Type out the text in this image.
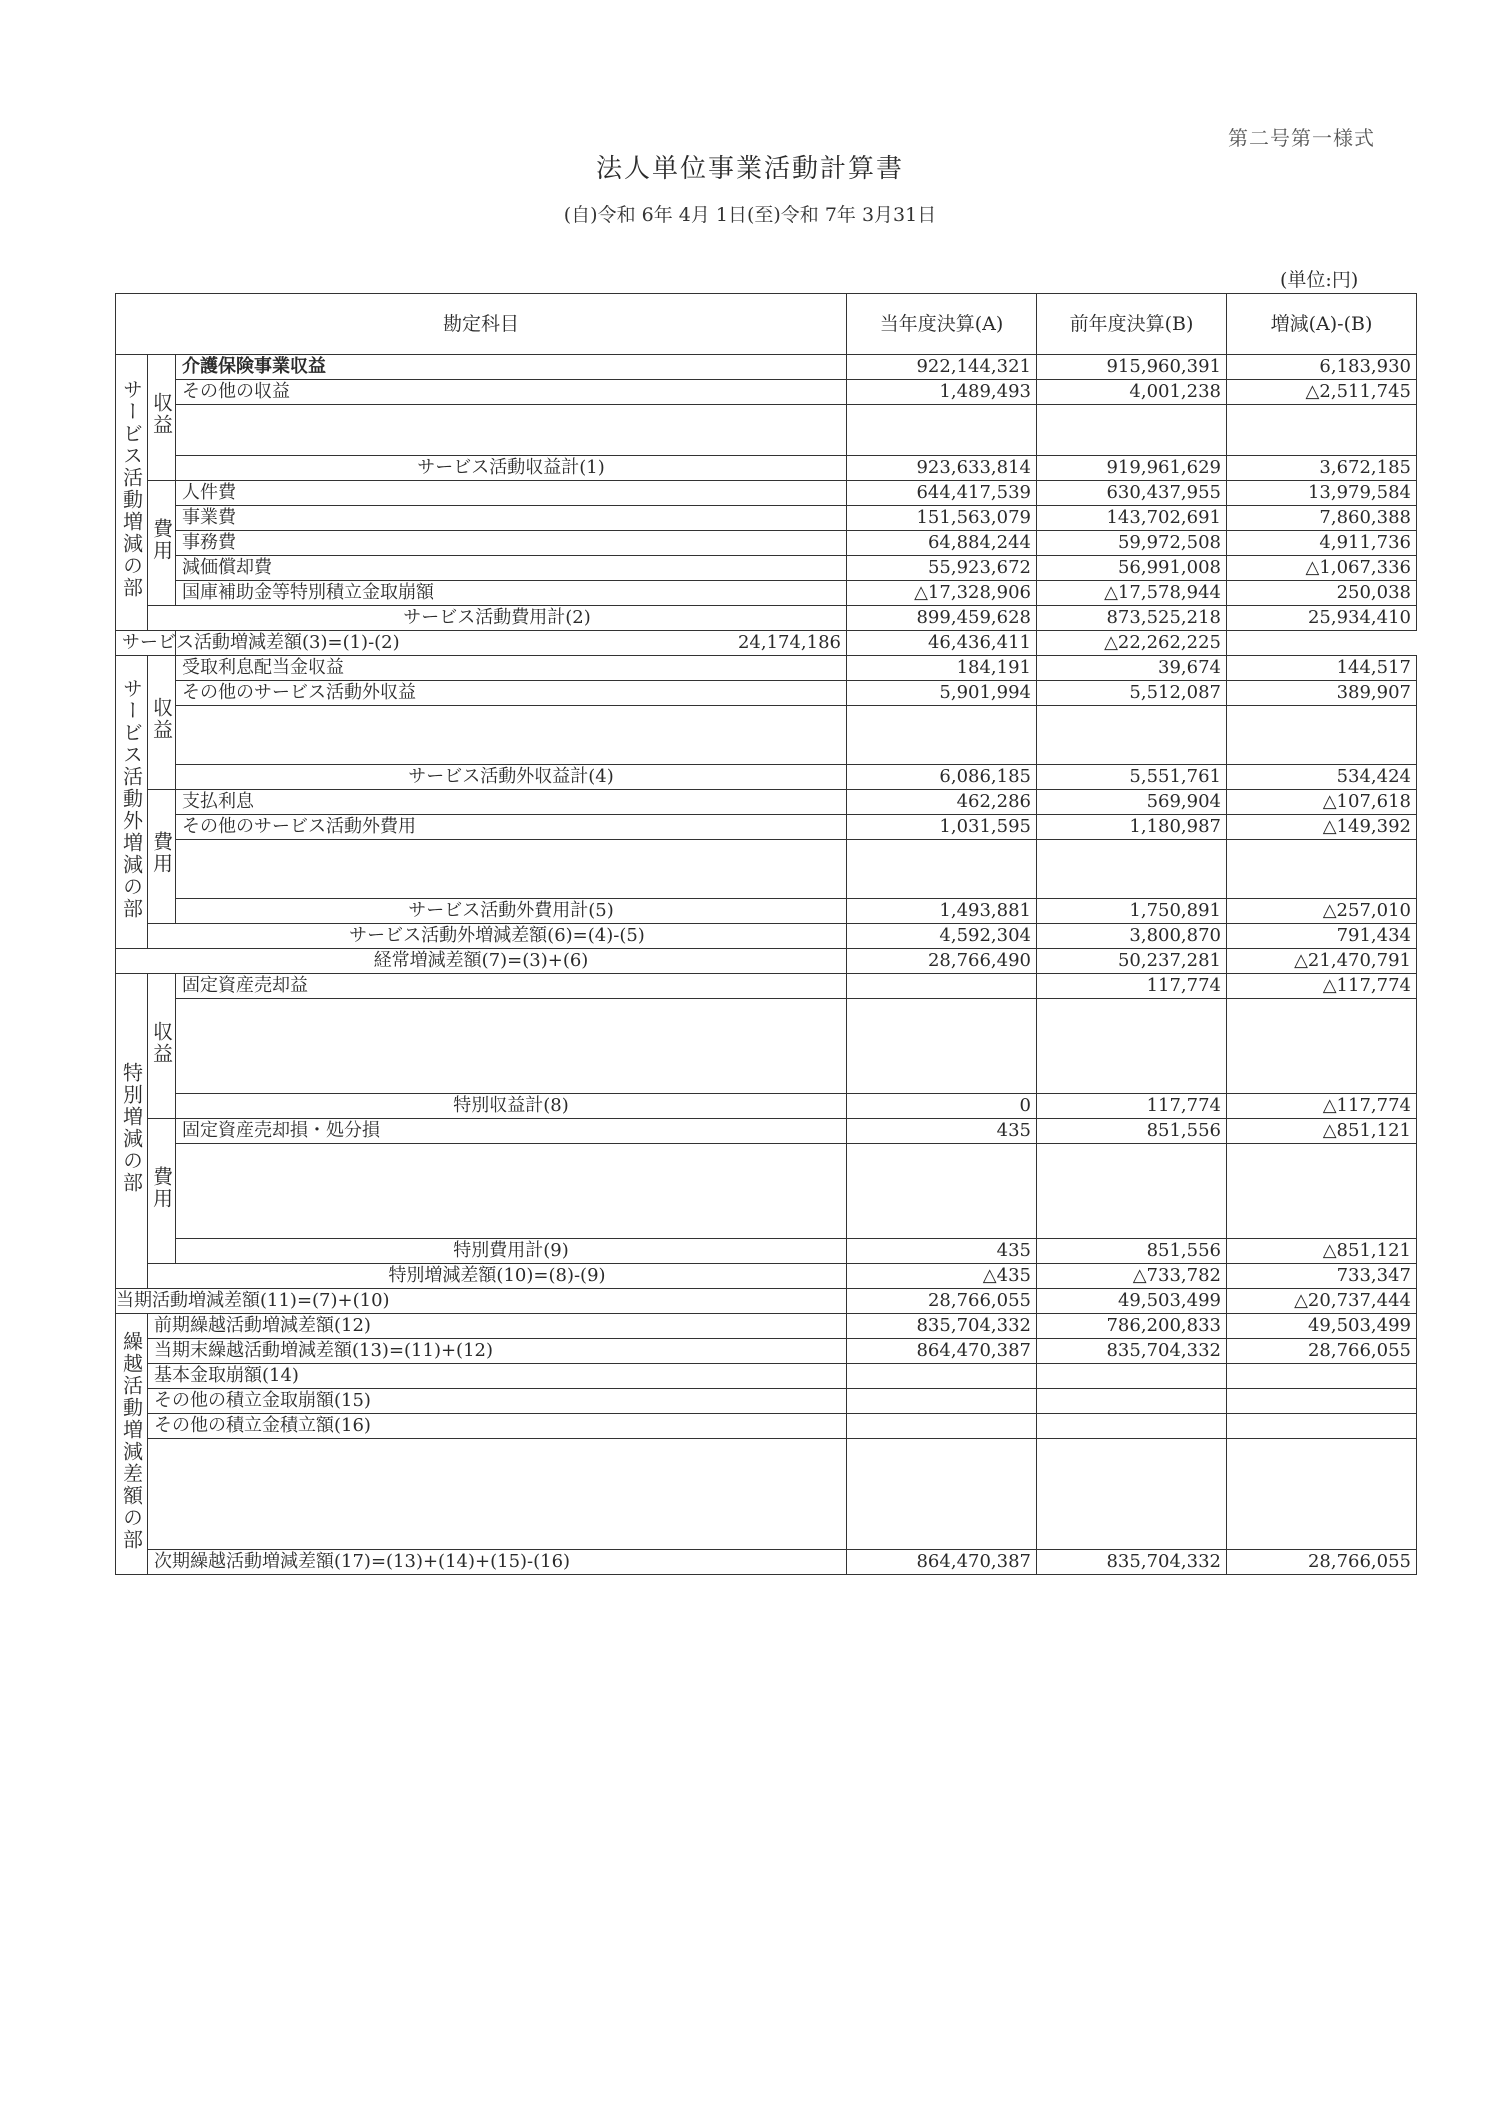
第二号第一様式
法人単位事業活動計算書
(自)令和 6年 4月 1日(至)令和 7年 3月31日
(単位:円)
勘定科目			当年度決算(A)	前年度決算(B)	増減(A)-(B)
サービス活動増減の部	収益	介護保険事業収益	922,144,321	915,960,391	6,183,930
		その他の収益	1,489,493	4,001,238	△2,511,745

		サービス活動収益計(1)	923,633,814	919,961,629	3,672,185
	費用	人件費	644,417,539	630,437,955	13,979,584
		事業費	151,563,079	143,702,691	7,860,388
		事務費	64,884,244	59,972,508	4,911,736
		減価償却費	55,923,672	56,991,008	△1,067,336
		国庫補助金等特別積立金取崩額	△17,328,906	△17,578,944	250,038
	サービス活動費用計(2)		899,459,628	873,525,218	25,934,410
サービス活動増減差額(3)=(1)-(2)		24,174,186	46,436,411	△22,262,225	
サービス活動外増減の部	収益	受取利息配当金収益	184,191	39,674	144,517
		その他のサービス活動外収益	5,901,994	5,512,087	389,907

		サービス活動外収益計(4)	6,086,185	5,551,761	534,424
	費用	支払利息	462,286	569,904	△107,618
		その他のサービス活動外費用	1,031,595	1,180,987	△149,392

		サービス活動外費用計(5)	1,493,881	1,750,891	△257,010
	サービス活動外増減差額(6)=(4)-(5)		4,592,304	3,800,870	791,434
経常増減差額(7)=(3)+(6)			28,766,490	50,237,281	△21,470,791
特別増減の部	収益	固定資産売却益		117,774	△117,774

		特別収益計(8)	0	117,774	△117,774
	費用	固定資産売却損・処分損	435	851,556	△851,121

		特別費用計(9)	435	851,556	△851,121
	特別増減差額(10)=(8)-(9)		△435	△733,782	733,347
当期活動増減差額(11)=(7)+(10)			28,766,055	49,503,499	△20,737,444
繰越活動増減差額の部	前期繰越活動増減差額(12)		835,704,332	786,200,833	49,503,499
	当期末繰越活動増減差額(13)=(11)+(12)		864,470,387	835,704,332	28,766,055
	基本金取崩額(14)				
	その他の積立金取崩額(15)				
	その他の積立金積立額(16)				

	次期繰越活動増減差額(17)=(13)+(14)+(15)-(16)		864,470,387	835,704,332	28,766,055
